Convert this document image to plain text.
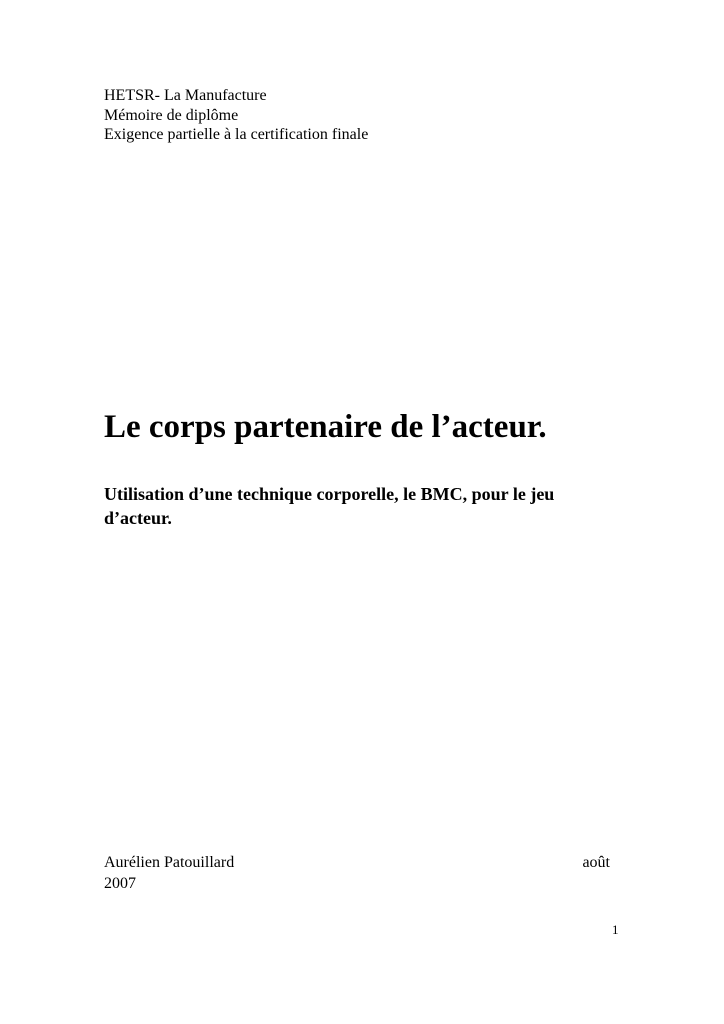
HETSR- La Manufacture
Mémoire de diplôme
Exigence partielle à la certification finale
Le corps partenaire de l’acteur.

Utilisation d’une technique corporelle, le BMC, pour le jeu d’acteur.

Aurélien Patouillard	août
2007
1
